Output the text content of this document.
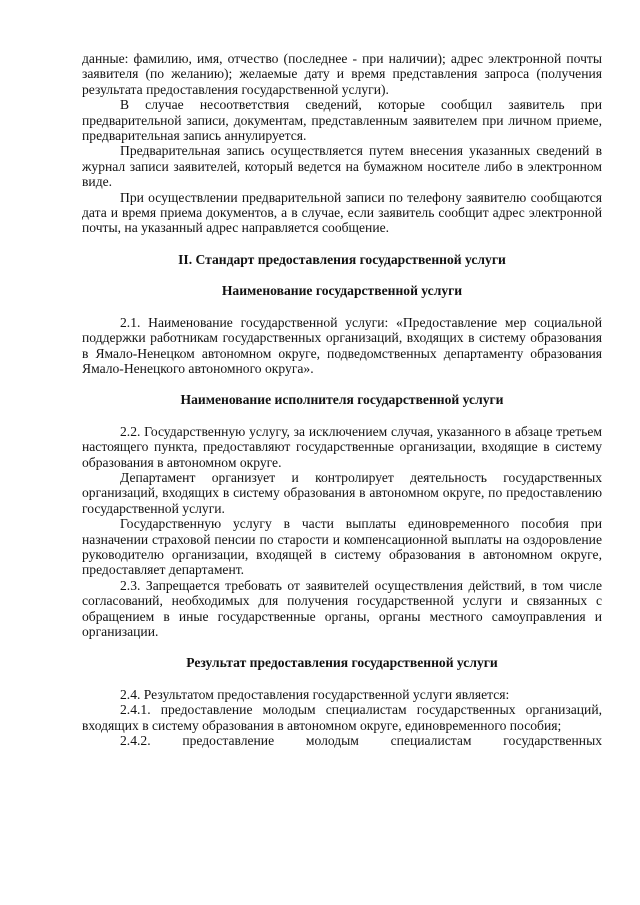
данные: фамилию, имя, отчество (последнее - при наличии); адрес электронной почты заявителя (по желанию); желаемые дату и время представления запроса (получения результата предоставления государственной услуги).

В случае несоответствия сведений, которые сообщил заявитель при предварительной записи, документам, представленным заявителем при личном приеме, предварительная запись аннулируется.

Предварительная запись осуществляется путем внесения указанных сведений в журнал записи заявителей, который ведется на бумажном носителе либо в электронном виде.

При осуществлении предварительной записи по телефону заявителю сообщаются дата и время приема документов, а в случае, если заявитель сообщит адрес электронной почты, на указанный адрес направляется сообщение.

II. Стандарт предоставления государственной услуги

Наименование государственной услуги

2.1. Наименование государственной услуги: «Предоставление мер социальной поддержки работникам государственных организаций, входящих в систему образования в Ямало-Ненецком автономном округе, подведомственных департаменту образования Ямало-Ненецкого автономного округа».

Наименование исполнителя государственной услуги

2.2. Государственную услугу, за исключением случая, указанного в абзаце третьем настоящего пункта, предоставляют государственные организации, входящие в систему образования в автономном округе.

Департамент организует и контролирует деятельность государственных организаций, входящих в систему образования в автономном округе, по предоставлению государственной услуги.

Государственную услугу в части выплаты единовременного пособия при назначении страховой пенсии по старости и компенсационной выплаты на оздоровление руководителю организации, входящей в систему образования в автономном округе, предоставляет департамент.

2.3. Запрещается требовать от заявителей осуществления действий, в том числе согласований, необходимых для получения государственной услуги и связанных с обращением в иные государственные органы, органы местного самоуправления и организации.

Результат предоставления государственной услуги

2.4. Результатом предоставления государственной услуги является:

2.4.1. предоставление молодым специалистам государственных организаций, входящих в систему образования в автономном округе, единовременного пособия;

2.4.2. предоставление молодым специалистам государственных
